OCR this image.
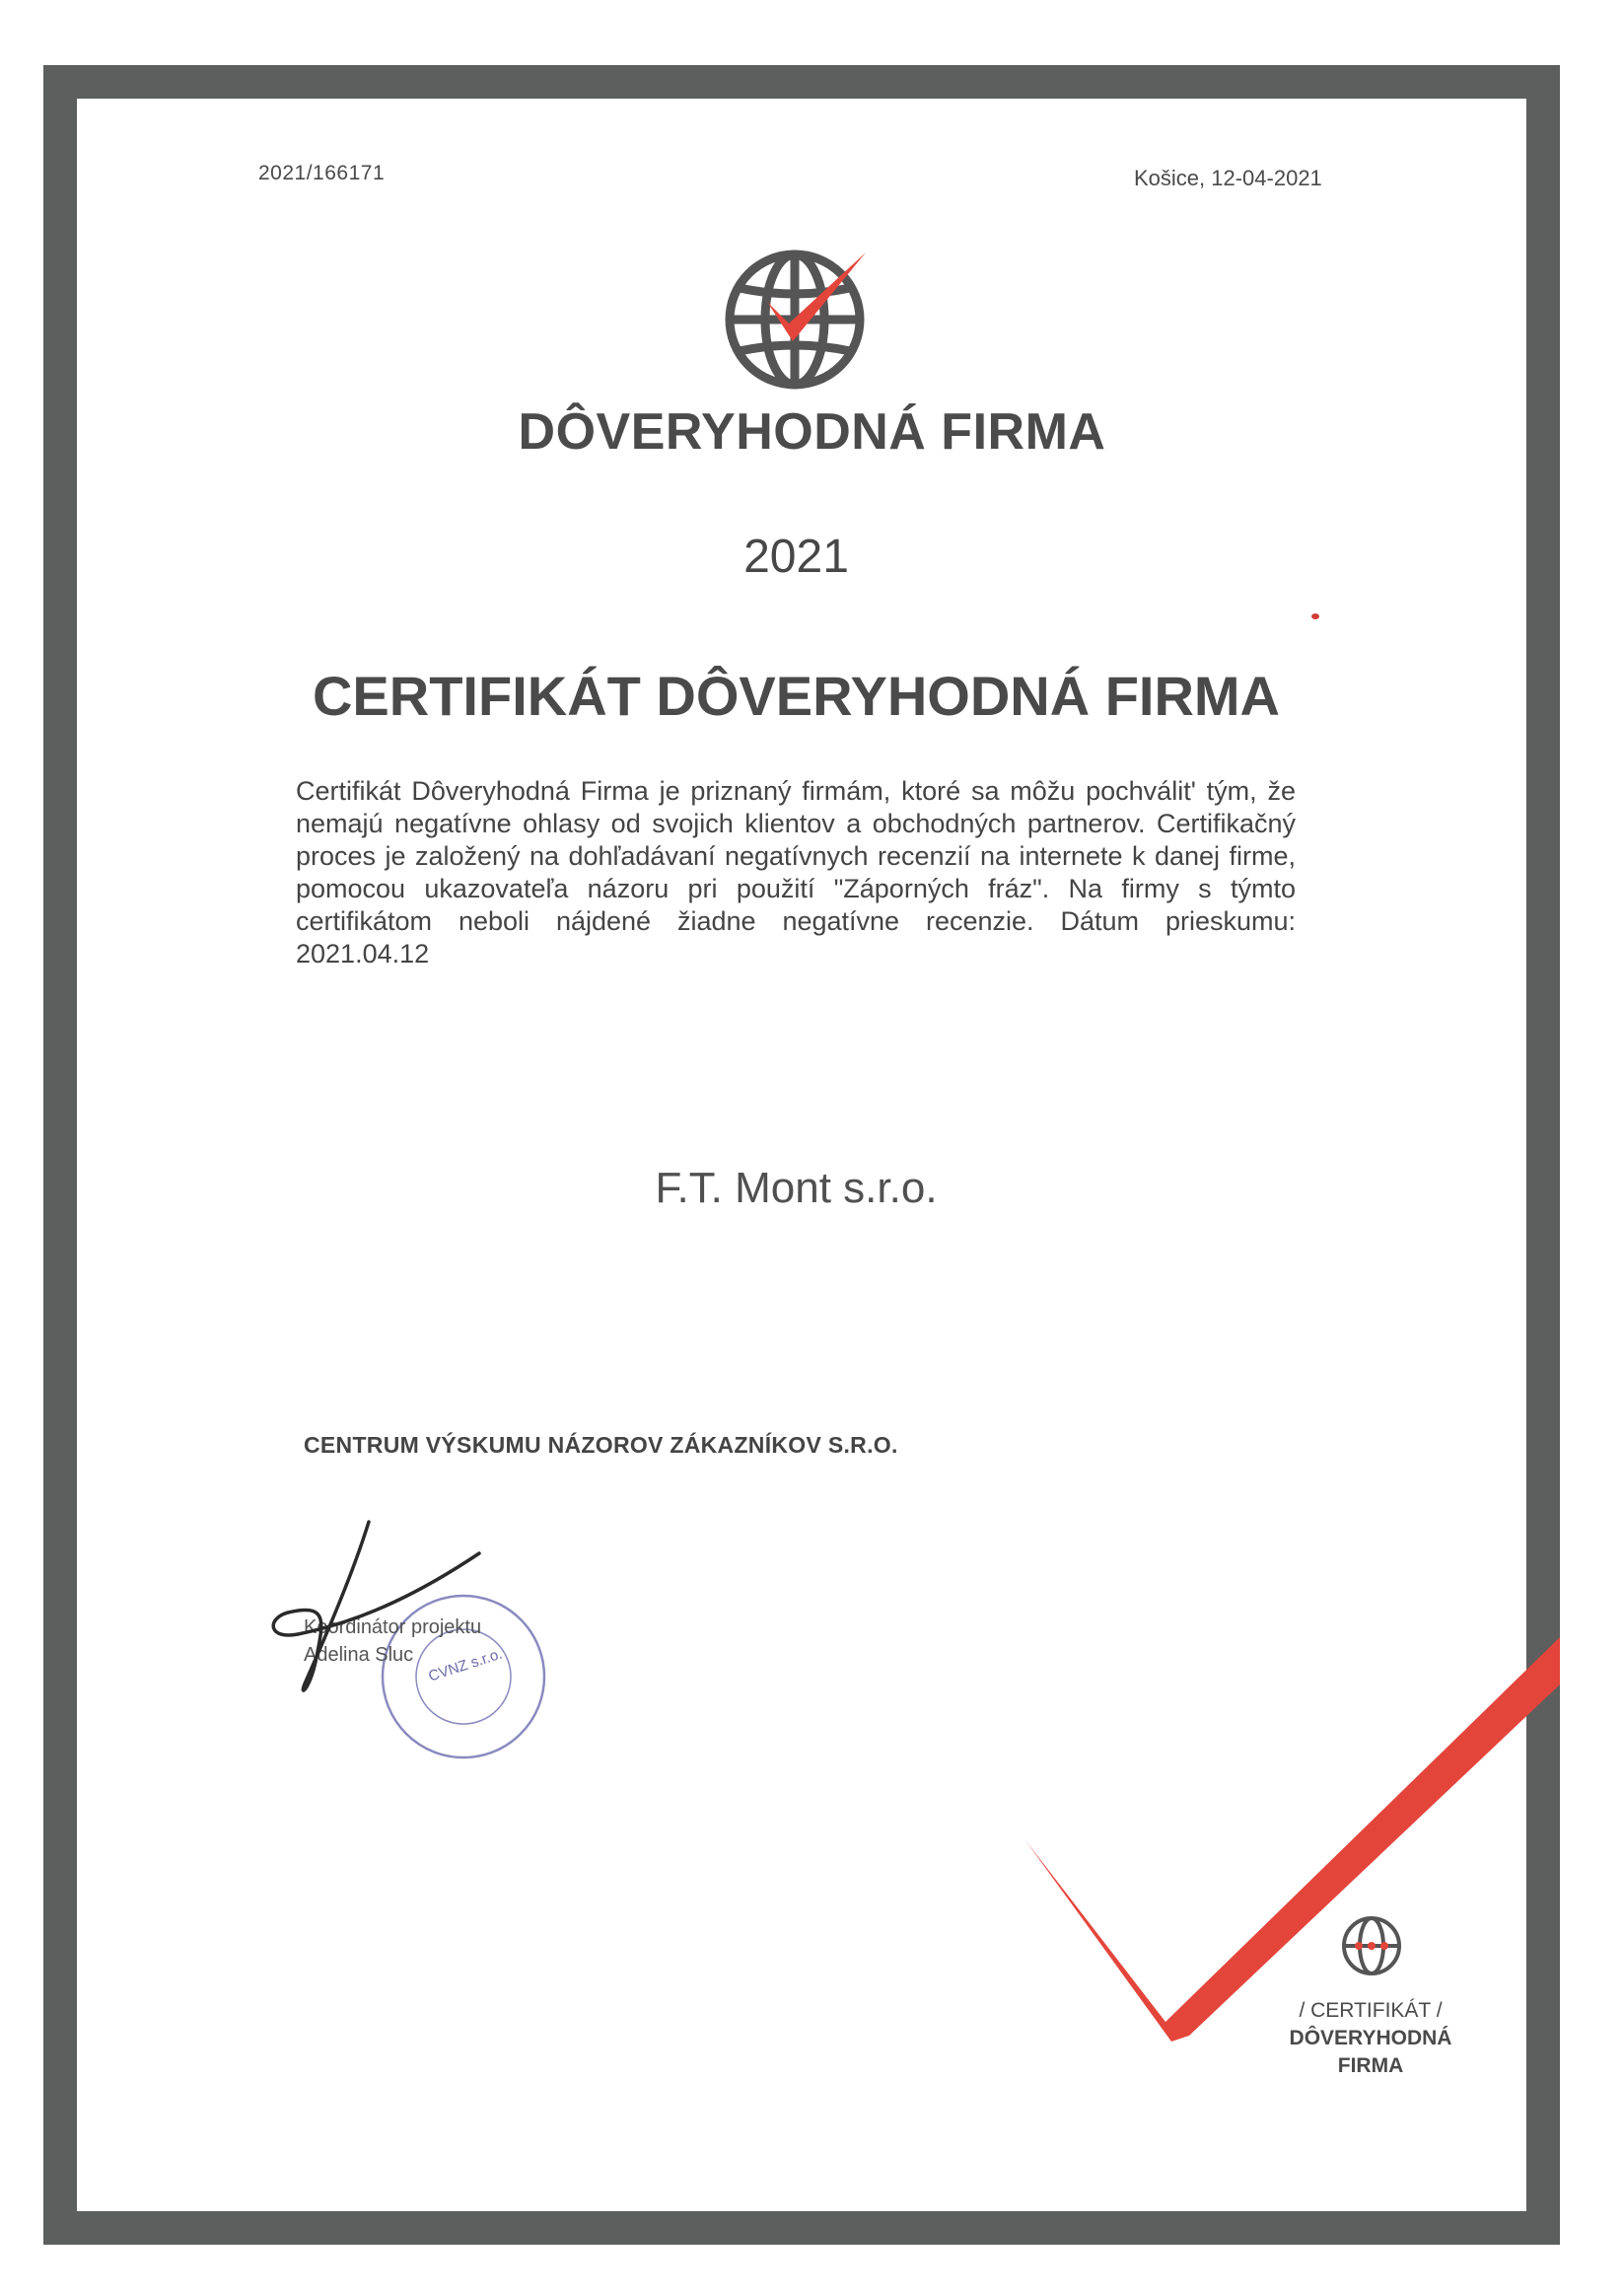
2021/166171	Košice, 12-04-2021
DÔVERYHODNÁ FIRMA
2021
CERTIFIKÁT DÔVERYHODNÁ FIRMA
Certifikát Dôveryhodná Firma je priznaný firmám, ktoré sa môžu pochválit' tým, že nemajú negatívne ohlasy od svojich klientov a obchodných partnerov. Certifikačný proces je založený na dohľadávaní negatívnych recenzií na internete k danej firme, pomocou ukazovateľa názoru pri použití "Záporných fráz". Na firmy s týmto certifikátom neboli nájdené žiadne negatívne recenzie. Dátum prieskumu: 2021.04.12
F.T. Mont s.r.o.
CENTRUM VÝSKUMU NÁZOROV ZÁKAZNÍKOV S.R.O.
CVNZ s.r.o.
Koordinátor projektu
Adelina Sluc
/ CERTIFIKÁT /
DÔVERYHODNÁ
FIRMA
